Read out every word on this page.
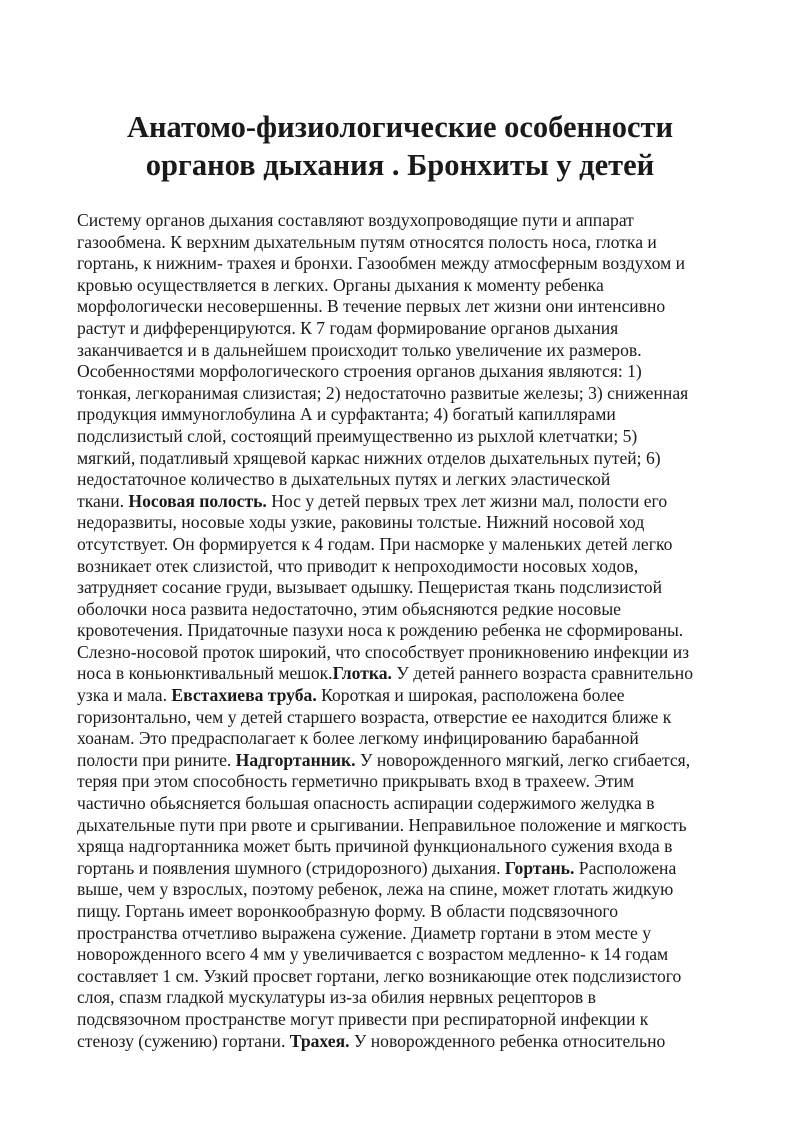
Анатомо-физиологические особенности
органов дыхания . Бронхиты у детей
Систему органов дыхания составляют воздухопроводящие пути и аппарат
газообмена. К верхним дыхательным путям относятся полость носа, глотка и
гортань, к нижним- трахея и бронхи. Газообмен между атмосферным воздухом и
кровью осуществляется в легких. Органы дыхания к моменту ребенка
морфологически несовершенны. В течение первых лет жизни они интенсивно
растут и дифференцируются. К 7 годам формирование органов дыхания
заканчивается и в дальнейшем происходит только увеличение их размеров.
Особенностями морфологического строения органов дыхания являются: 1)
тонкая, легкоранимая слизистая; 2) недостаточно развитые железы; 3) сниженная
продукция иммуноглобулина А и сурфактанта; 4) богатый капиллярами
подслизистый слой, состоящий преимущественно из рыхлой клетчатки; 5)
мягкий, податливый хрящевой каркас нижних отделов дыхательных путей; 6)
недостаточное количество в дыхательных путях и легких эластической
ткани. Носовая полость. Нос у детей первых трех лет жизни мал, полости его
недоразвиты, носовые ходы узкие, раковины толстые. Нижний носовой ход
отсутствует. Он формируется к 4 годам. При насморке у маленьких детей легко
возникает отек слизистой, что приводит к непроходимости носовых ходов,
затрудняет сосание груди, вызывает одышку. Пещеристая ткань подслизистой
оболочки носа развита недостаточно, этим обьясняются редкие носовые
кровотечения. Придаточные пазухи носа к рождению ребенка не сформированы.
Слезно-носовой проток широкий, что способствует проникновению инфекции из
носа в коньюнктивальный мешок.Глотка. У детей раннего возраста сравнительно
узка и мала. Евстахиева труба. Короткая и широкая, расположена более
горизонтально, чем у детей старшего возраста, отверстие ее находится ближе к
хоанам. Это предрасполагает к более легкому инфицированию барабанной
полости при рините. Надгортанник. У новорожденного мягкий, легко сгибается,
теряя при этом способность герметично прикрывать вход в трахееw. Этим
частично обьясняется большая опасность аспирации содержимого желудка в
дыхательные пути при рвоте и срыгивании. Неправильное положение и мягкость
хряща надгортанника может быть причиной функционального сужения входа в
гортань и появления шумного (стридорозного) дыхания. Гортань. Расположена
выше, чем у взрослых, поэтому ребенок, лежа на спине, может глотать жидкую
пищу. Гортань имеет воронкообразную форму. В области подсвязочного
пространства отчетливо выражена сужение. Диаметр гортани в этом месте у
новорожденного всего 4 мм у увеличивается с возрастом медленно- к 14 годам
составляет 1 см. Узкий просвет гортани, легко возникающие отек подслизистого
слоя, спазм гладкой мускулатуры из-за обилия нервных рецепторов в
подсвязочном пространстве могут привести при респираторной инфекции к
стенозу (сужению) гортани. Трахея. У новорожденного ребенка относительно
